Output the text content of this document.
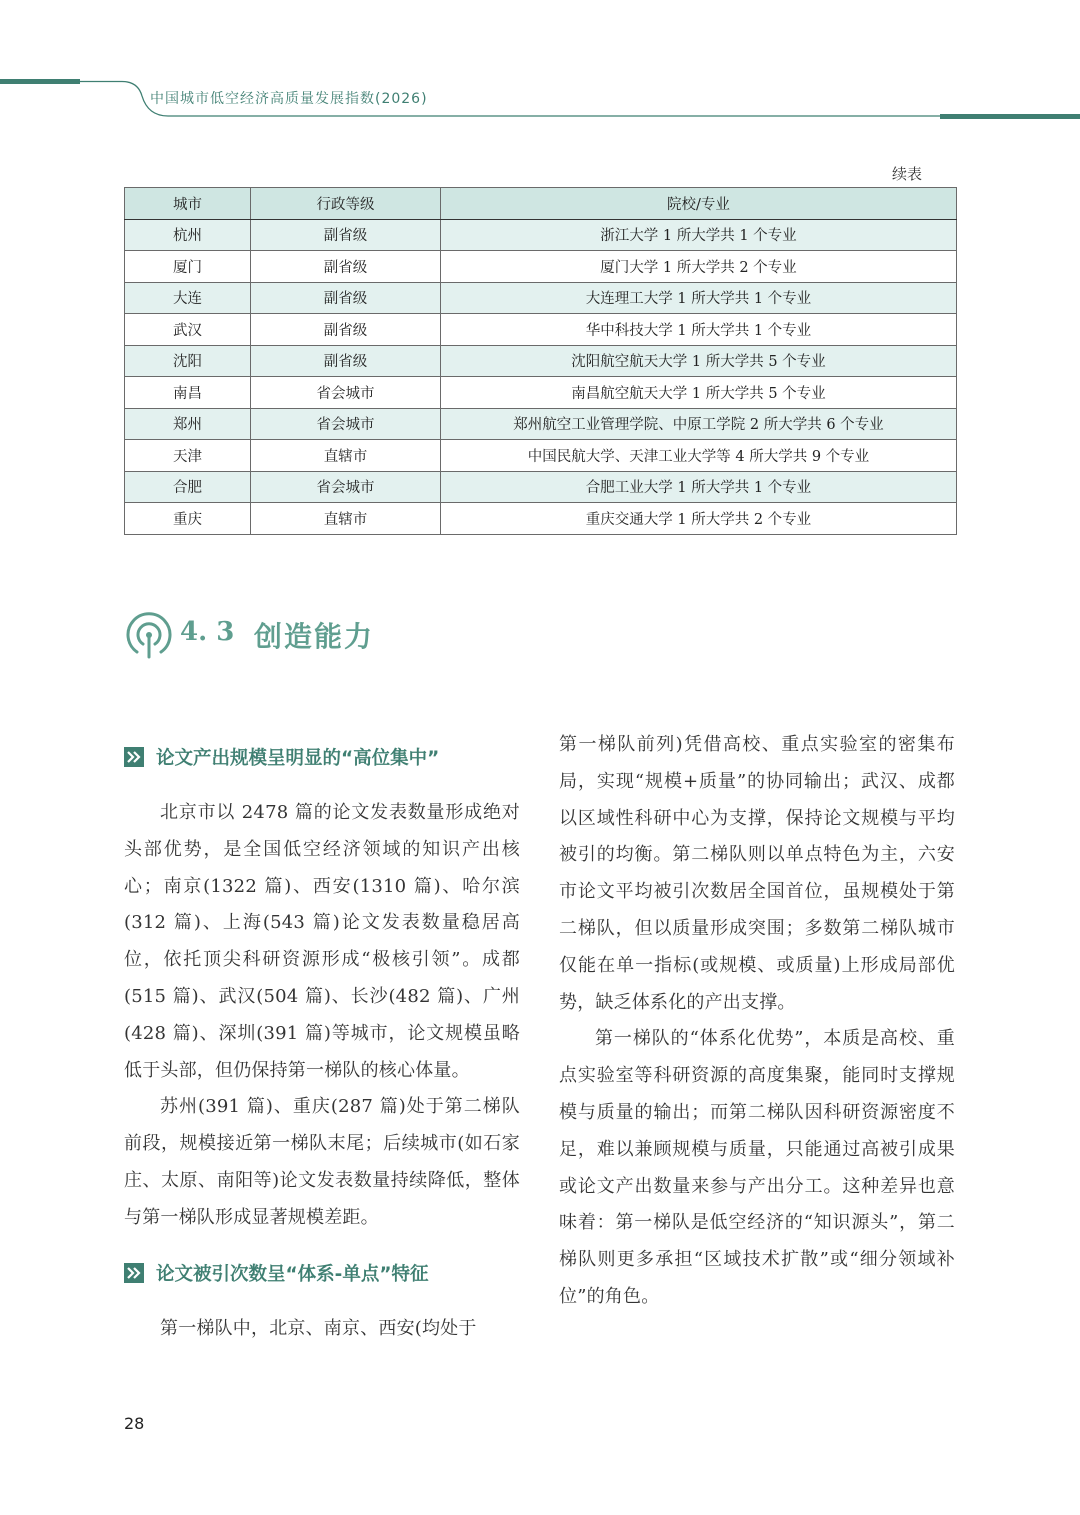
中国城市低空经济高质量发展指数(2026)
续表
城市	行政等级	院校/专业
杭州	副省级	浙江大学 1 所大学共 1 个专业
厦门	副省级	厦门大学 1 所大学共 2 个专业
大连	副省级	大连理工大学 1 所大学共 1 个专业
武汉	副省级	华中科技大学 1 所大学共 1 个专业
沈阳	副省级	沈阳航空航天大学 1 所大学共 5 个专业
南昌	省会城市	南昌航空航天大学 1 所大学共 5 个专业
郑州	省会城市	郑州航空工业管理学院、中原工学院 2 所大学共 6 个专业
天津	直辖市	中国民航大学、天津工业大学等 4 所大学共 9 个专业
合肥	省会城市	合肥工业大学 1 所大学共 1 个专业
重庆	直辖市	重庆交通大学 1 所大学共 2 个专业
4. 3 创造能力
论文产出规模呈明显的“高位集中”

北京市以 2478 篇的论文发表数量形成绝对头部优势，是全国低空经济领域的知识产出核心；南京(1322 篇)、西安(1310 篇)、哈尔滨(312 篇)、上海(543 篇)论文发表数量稳居高位，依托顶尖科研资源形成“极核引领”。成都(515 篇)、武汉(504 篇)、长沙(482 篇)、广州(428 篇)、深圳(391 篇)等城市，论文规模虽略低于头部，但仍保持第一梯队的核心体量。

苏州(391 篇)、重庆(287 篇)处于第二梯队前段，规模接近第一梯队末尾；后续城市(如石家庄、太原、南阳等)论文发表数量持续降低，整体与第一梯队形成显著规模差距。

论文被引次数呈“体系-单点”特征

第一梯队中，北京、南京、西安(均处于

第一梯队前列)凭借高校、重点实验室的密集布局，实现“规模+质量”的协同输出；武汉、成都以区域性科研中心为支撑，保持论文规模与平均被引的均衡。第二梯队则以单点特色为主，六安市论文平均被引次数居全国首位，虽规模处于第二梯队，但以质量形成突围；多数第二梯队城市仅能在单一指标(或规模、或质量)上形成局部优势，缺乏体系化的产出支撑。

第一梯队的“体系化优势”，本质是高校、重点实验室等科研资源的高度集聚，能同时支撑规模与质量的输出；而第二梯队因科研资源密度不足，难以兼顾规模与质量，只能通过高被引成果或论文产出数量来参与产出分工。这种差异也意味着：第一梯队是低空经济的“知识源头”，第二梯队则更多承担“区域技术扩散”或“细分领域补位”的角色。

28
